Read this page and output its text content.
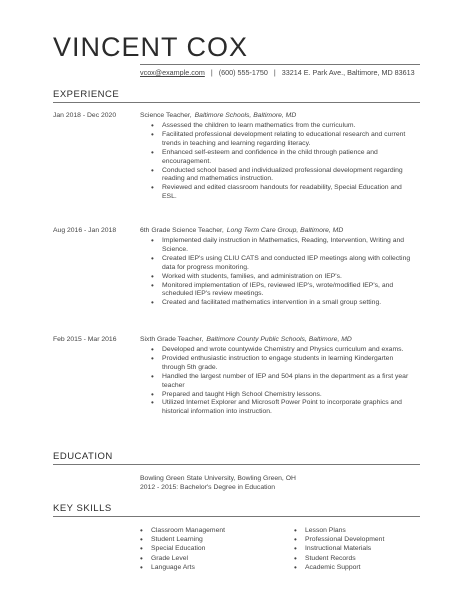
VINCENT COX
vcox@example.com | (600) 555-1750 | 33214 E. Park Ave., Baltimore, MD 83613
EXPERIENCE
Jan 2018 - Dec 2020	Science Teacher, Baltimore Schools, Baltimore, MD
• Assessed the children to learn mathematics from the curriculum.
• Facilitated professional development relating to educational research and current trends in teaching and learning regarding literacy.
• Enhanced self-esteem and confidence in the child through patience and encouragement.
• Conducted school based and individualized professional development regarding reading and mathematics instruction.
• Reviewed and edited classroom handouts for readability, Special Education and ESL.
Aug 2016 - Jan 2018	6th Grade Science Teacher, Long Term Care Group, Baltimore, MD
• Implemented daily instruction in Mathematics, Reading, Intervention, Writing and Science.
• Created IEP's using CLIU CATS and conducted IEP meetings along with collecting data for progress monitoring.
• Worked with students, families, and administration on IEP's.
• Monitored implementation of IEPs, reviewed IEP's, wrote/modified IEP's, and scheduled IEP's review meetings.
• Created and facilitated mathematics intervention in a small group setting.
Feb 2015 - Mar 2016	Sixth Grade Teacher, Baltimore County Public Schools, Baltimore, MD
• Developed and wrote countywide Chemistry and Physics curriculum and exams.
• Provided enthusiastic instruction to engage students in learning Kindergarten through 5th grade.
• Handled the largest number of IEP and 504 plans in the department as a first year teacher
• Prepared and taught High School Chemistry lessons.
• Utilized Internet Explorer and Microsoft Power Point to incorporate graphics and historical information into instruction.
EDUCATION
Bowling Green State University, Bowling Green, OH
2012 - 2015: Bachelor's Degree in Education
KEY SKILLS
• Classroom Management
• Student Learning
• Special Education
• Grade Level
• Language Arts
• Lesson Plans
• Professional Development
• Instructional Materials
• Student Records
• Academic Support
